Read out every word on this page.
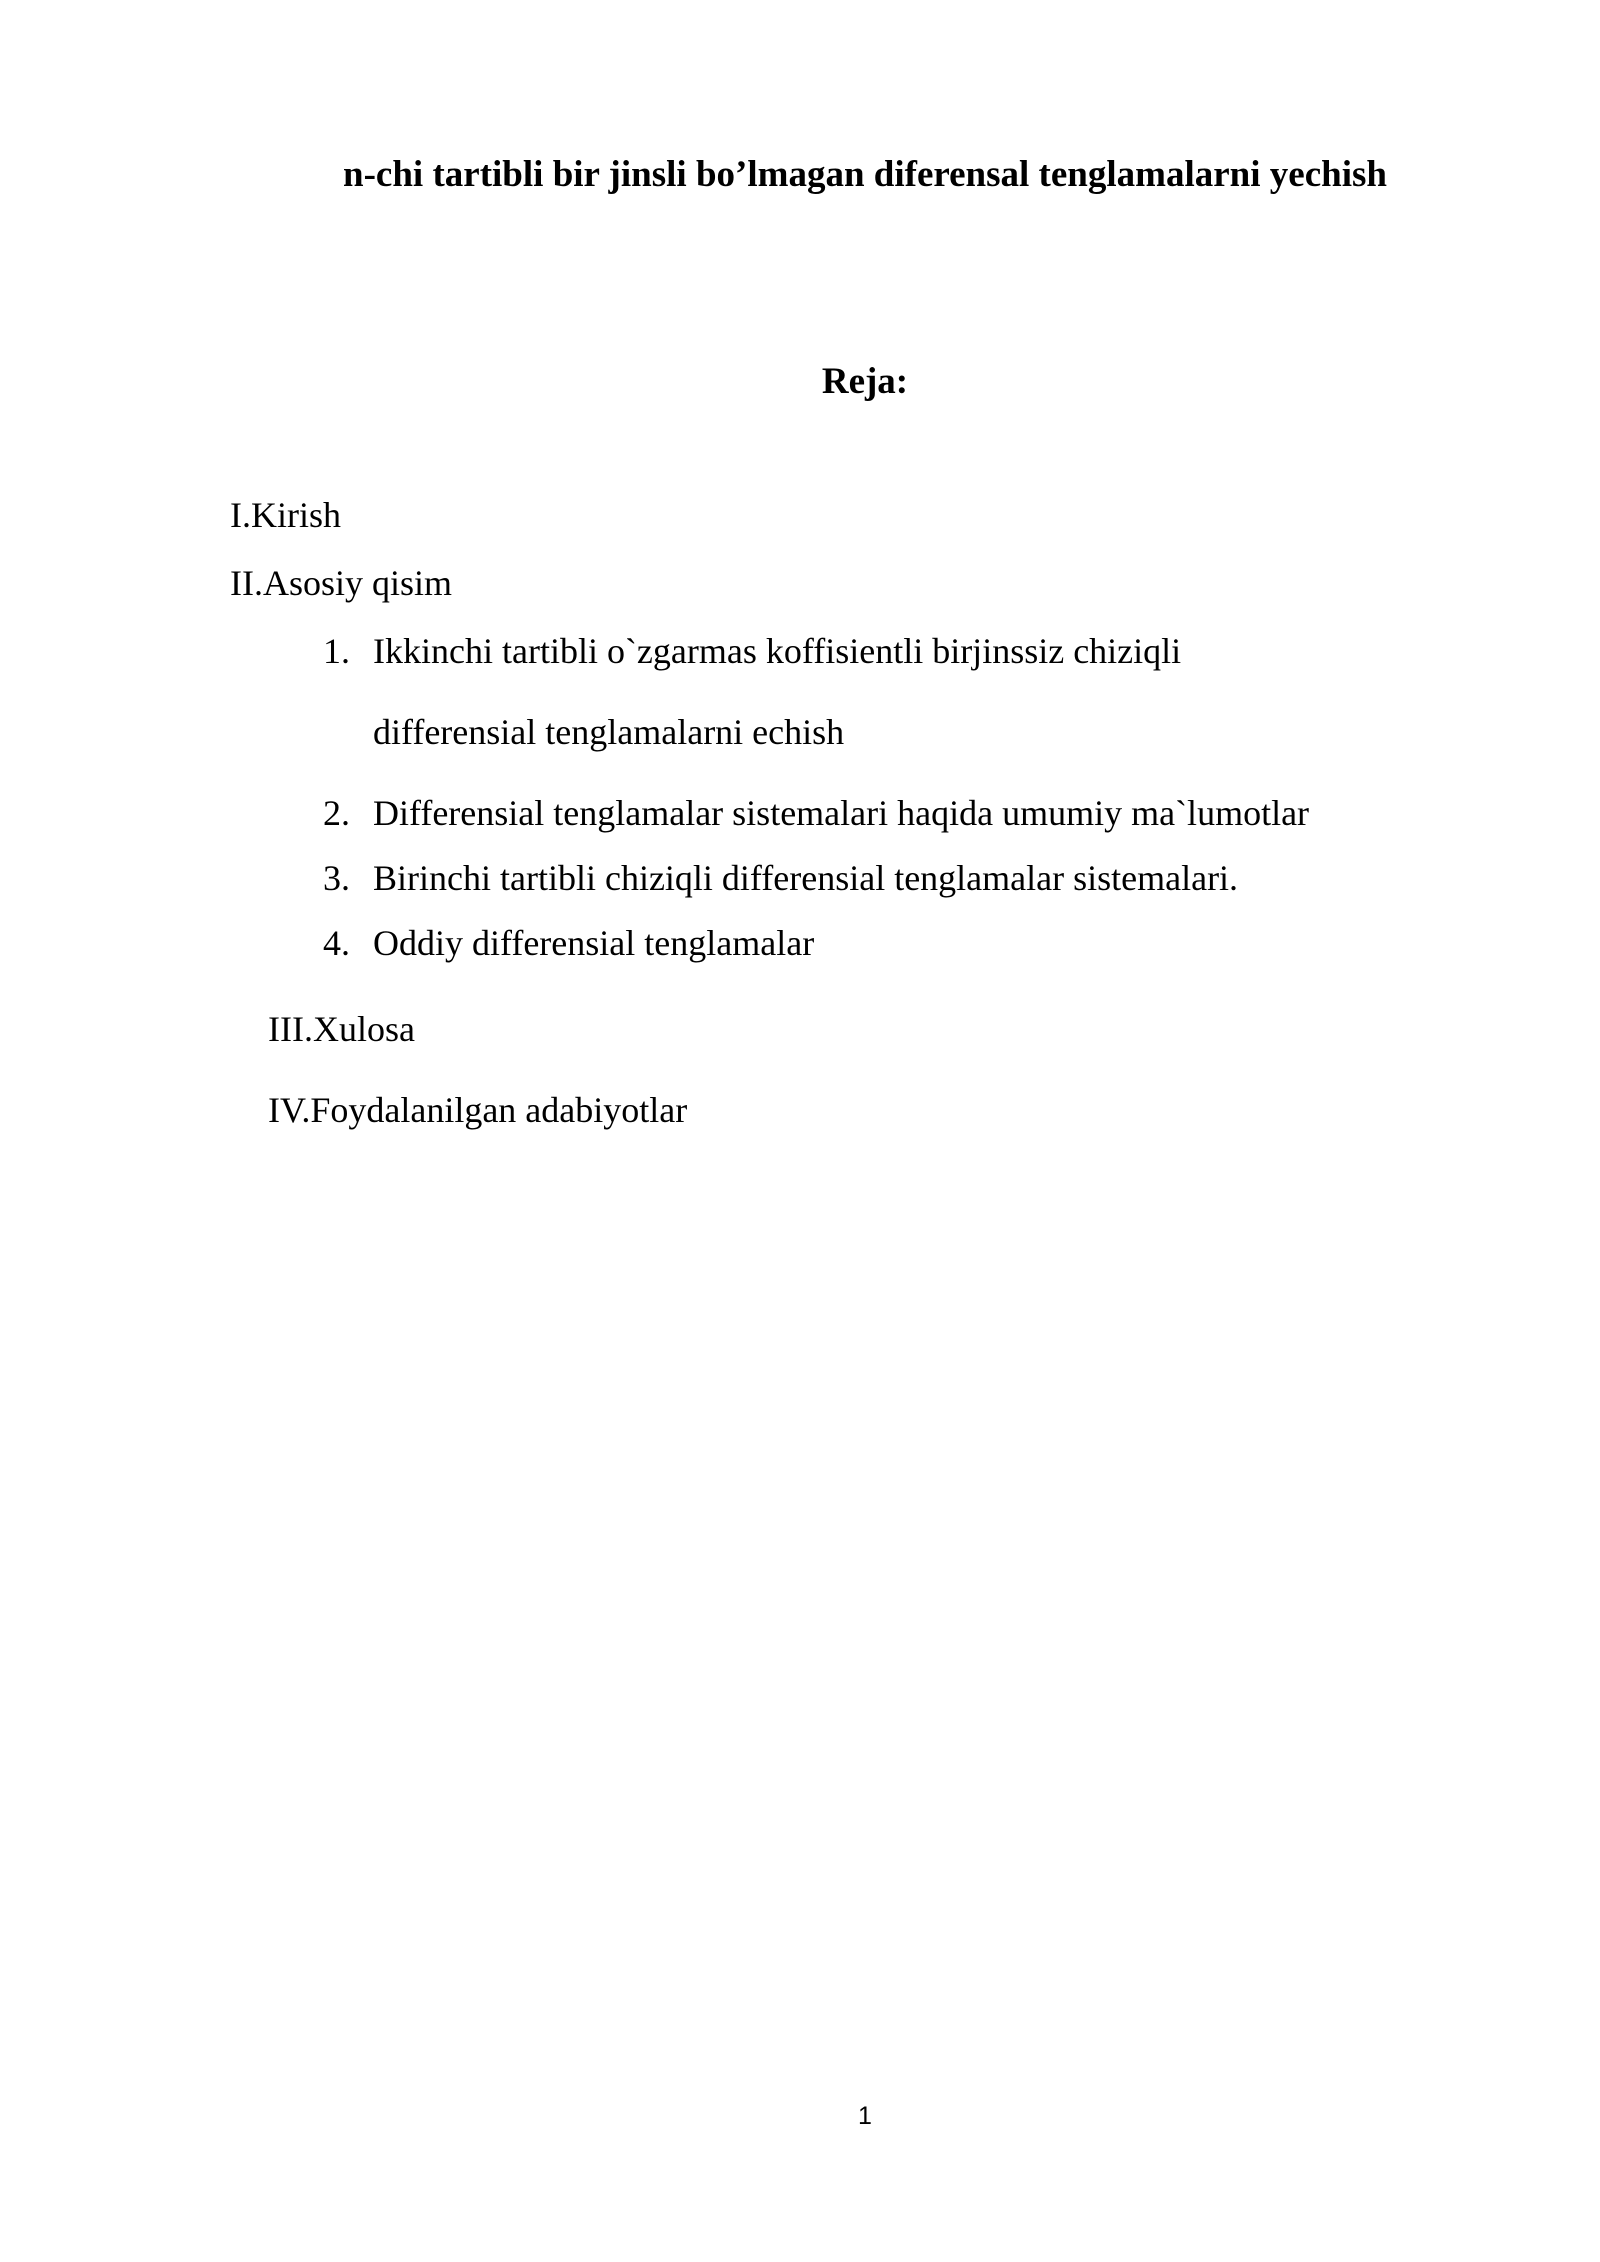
n-chi tartibli bir jinsli bo’lmagan diferensal tenglamalarni yechish
Reja:
I.Kirish
II.Asosiy qisim
1. Ikkinchi tartibli o`zgarmas koffisientli birjinssiz chiziqli
differensial tenglamalarni echish
2. Differensial tenglamalar sistemalari haqida umumiy ma`lumotlar
3. Birinchi tartibli chiziqli differensial tenglamalar sistemalari.
4. Oddiy differensial tenglamalar
III.Xulosa
IV.Foydalanilgan adabiyotlar
1
